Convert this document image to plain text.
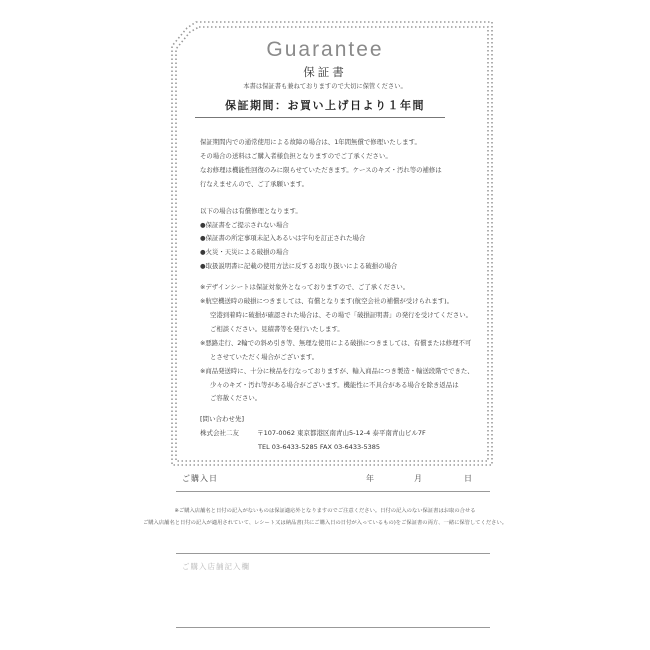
Guarantee
保証書
本書は保証書も兼ねておりますので大切に保管ください。
保証期間：お買い上げ日より１年間
保証期間内での通常使用による故障の場合は、1年間無償で修理いたします。
その場合の送料はご購入者様負担となりますのでご了承ください。
なお修理は機能性回復のみに限らせていただきます。ケースのキズ・汚れ等の補修は
行なえませんので、ご了承願います。
以下の場合は有償修理となります。
●保証書をご提示されない場合
●保証書の所定事項未記入あるいは字句を訂正された場合
●火災・天災による破損の場合
●取扱説明書に記載の使用方法に反するお取り扱いによる破損の場合
※デザインシートは保証対象外となっておりますので、ご了承ください。
※航空機送時の破損につきましては、有償となります(航空会社の補償が受けられます)。
空港到着時に破損が確認された場合は、その場で「破損証明書」の発行を受けてください。
ご相談ください。見積書等を発行いたします。
※悪路走行、2輪での斜め引き等、無理な使用による破損につきましては、有償または修理不可
とさせていただく場合がございます。
※商品発送時に、十分に検品を行なっておりますが、輸入商品につき製造・輸送段階でできた、
少々のキズ・汚れ等がある場合がございます。機能性に不具合がある場合を除き返品は
ご容赦ください。
[問い合わせ先]
株式会社二友	〒107-0062 東京都港区南青山5-12-4 泰平南青山ビル7F
TEL 03-6433-5285 FAX 03-6433-5385
ご購入日	年	月	日
※ご購入店舗名と日付の記入がないものは保証適応外となりますのでご注意ください。日付の記入のない保証書はお取の合せる
ご購入店舗名と日付の記入が適用されていて、レシート又は納品書(共にご購入日の日付が入っているもの)をご保証書の両方、一緒に保管してください。
ご購入店舗記入欄
